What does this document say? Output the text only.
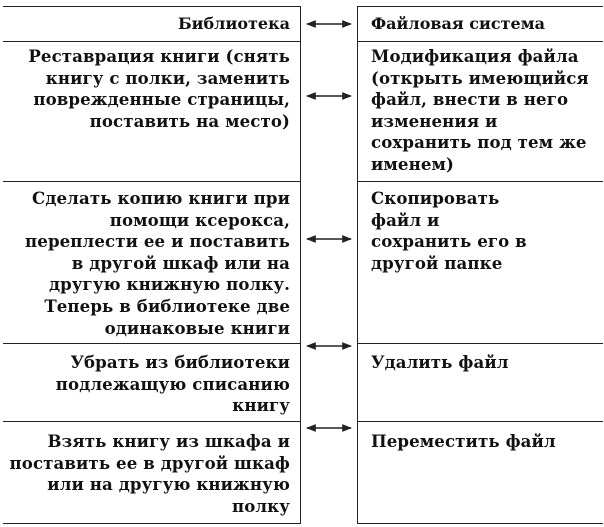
Библиотека
Реставрация книги (снять книгу с полки, заменить поврежденные страницы, поставить на место)
Сделать копию книги при помощи ксерокса, переплести ее и поставить в другой шкаф или на другую книжную полку. Теперь в библиотеке две одинаковые книги
Убрать из библиотеки подлежащую списанию книгу
Взять книгу из шкафа и поставить ее в другой шкаф или на другую книжную полку
Файловая система
Модификация файла (открыть имеющийся файл, внести в него изменения и сохранить под тем же именем)
Скопировать файл и сохранить его в другой папке
Удалить файл
Переместить файл
